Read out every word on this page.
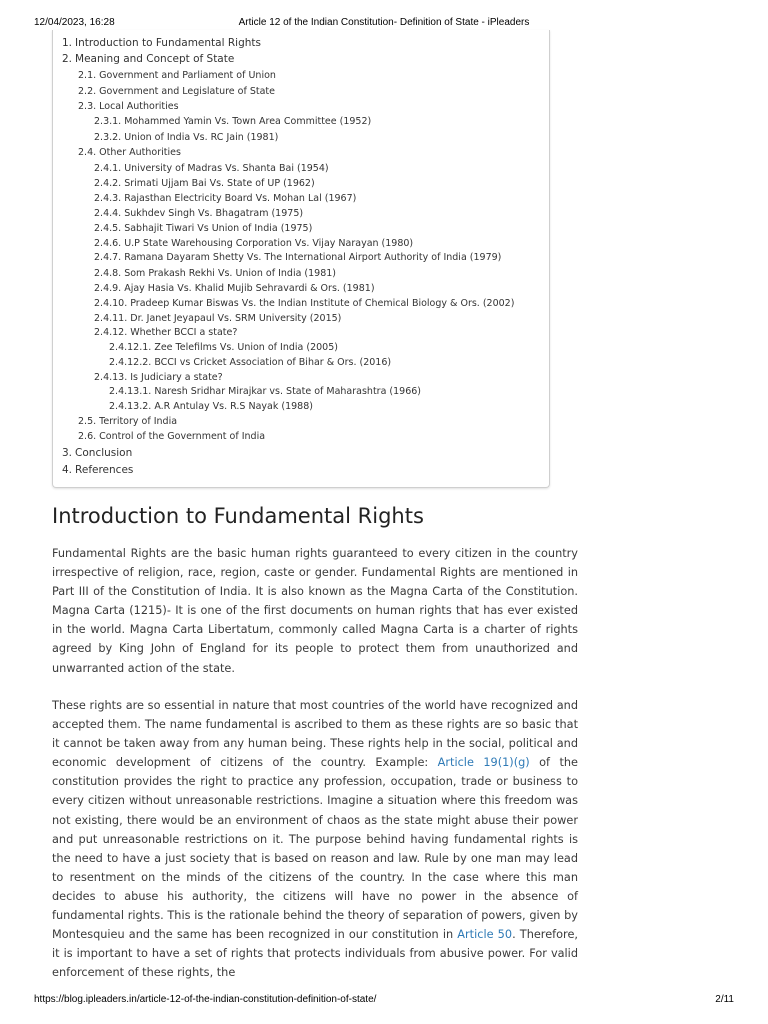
12/04/2023, 16:28	Article 12 of the Indian Constitution- Definition of State - iPleaders
1. Introduction to Fundamental Rights
2. Meaning and Concept of State
2.1. Government and Parliament of Union
2.2. Government and Legislature of State
2.3. Local Authorities
2.3.1. Mohammed Yamin Vs. Town Area Committee (1952)
2.3.2. Union of India Vs. RC Jain (1981)
2.4. Other Authorities
2.4.1. University of Madras Vs. Shanta Bai (1954)
2.4.2. Srimati Ujjam Bai Vs. State of UP (1962)
2.4.3. Rajasthan Electricity Board Vs. Mohan Lal (1967)
2.4.4. Sukhdev Singh Vs. Bhagatram (1975)
2.4.5. Sabhajit Tiwari Vs Union of India (1975)
2.4.6. U.P State Warehousing Corporation Vs. Vijay Narayan (1980)
2.4.7. Ramana Dayaram Shetty Vs. The International Airport Authority of India (1979)
2.4.8. Som Prakash Rekhi Vs. Union of India (1981)
2.4.9. Ajay Hasia Vs. Khalid Mujib Sehravardi & Ors. (1981)
2.4.10. Pradeep Kumar Biswas Vs. the Indian Institute of Chemical Biology & Ors. (2002)
2.4.11. Dr. Janet Jeyapaul Vs. SRM University (2015)
2.4.12. Whether BCCI a state?
2.4.12.1. Zee Telefilms Vs. Union of India (2005)
2.4.12.2. BCCI vs Cricket Association of Bihar & Ors. (2016)
2.4.13. Is Judiciary a state?
2.4.13.1. Naresh Sridhar Mirajkar vs. State of Maharashtra (1966)
2.4.13.2. A.R Antulay Vs. R.S Nayak (1988)
2.5. Territory of India
2.6. Control of the Government of India
3. Conclusion
4. References
Introduction to Fundamental Rights

Fundamental Rights are the basic human rights guaranteed to every citizen in the country irrespective of religion, race, region, caste or gender. Fundamental Rights are mentioned in Part III of the Constitution of India. It is also known as the Magna Carta of the Constitution. Magna Carta (1215)- It is one of the first documents on human rights that has ever existed in the world. Magna Carta Libertatum, commonly called Magna Carta is a charter of rights agreed by King John of England for its people to protect them from unauthorized and unwarranted action of the state.

These rights are so essential in nature that most countries of the world have recognized and accepted them. The name fundamental is ascribed to them as these rights are so basic that it cannot be taken away from any human being. These rights help in the social, political and economic development of citizens of the country. Example: Article 19(1)(g) of the constitution provides the right to practice any profession, occupation, trade or business to every citizen without unreasonable restrictions. Imagine a situation where this freedom was not existing, there would be an environment of chaos as the state might abuse their power and put unreasonable restrictions on it. The purpose behind having fundamental rights is the need to have a just society that is based on reason and law. Rule by one man may lead to resentment on the minds of the citizens of the country. In the case where this man decides to abuse his authority, the citizens will have no power in the absence of fundamental rights. This is the rationale behind the theory of separation of powers, given by Montesquieu and the same has been recognized in our constitution in Article 50. Therefore, it is important to have a set of rights that protects individuals from abusive power. For valid enforcement of these rights, the

https://blog.ipleaders.in/article-12-of-the-indian-constitution-definition-of-state/	2/11
